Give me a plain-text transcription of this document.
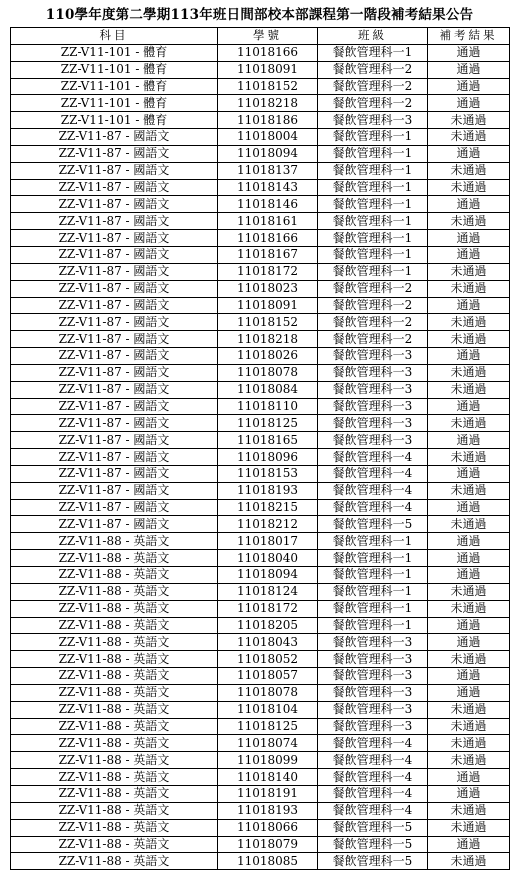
110學年度第二學期113年班日間部校本部課程第一階段補考結果公告
科目	學號	班級	補考結果
ZZ-V11-101 - 體育	11018166	餐飲管理科一1	通過
ZZ-V11-101 - 體育	11018091	餐飲管理科一2	通過
ZZ-V11-101 - 體育	11018152	餐飲管理科一2	通過
ZZ-V11-101 - 體育	11018218	餐飲管理科一2	通過
ZZ-V11-101 - 體育	11018186	餐飲管理科一3	未通過
ZZ-V11-87 - 國語文	11018004	餐飲管理科一1	未通過
ZZ-V11-87 - 國語文	11018094	餐飲管理科一1	通過
ZZ-V11-87 - 國語文	11018137	餐飲管理科一1	未通過
ZZ-V11-87 - 國語文	11018143	餐飲管理科一1	未通過
ZZ-V11-87 - 國語文	11018146	餐飲管理科一1	通過
ZZ-V11-87 - 國語文	11018161	餐飲管理科一1	未通過
ZZ-V11-87 - 國語文	11018166	餐飲管理科一1	通過
ZZ-V11-87 - 國語文	11018167	餐飲管理科一1	通過
ZZ-V11-87 - 國語文	11018172	餐飲管理科一1	未通過
ZZ-V11-87 - 國語文	11018023	餐飲管理科一2	未通過
ZZ-V11-87 - 國語文	11018091	餐飲管理科一2	通過
ZZ-V11-87 - 國語文	11018152	餐飲管理科一2	未通過
ZZ-V11-87 - 國語文	11018218	餐飲管理科一2	未通過
ZZ-V11-87 - 國語文	11018026	餐飲管理科一3	通過
ZZ-V11-87 - 國語文	11018078	餐飲管理科一3	未通過
ZZ-V11-87 - 國語文	11018084	餐飲管理科一3	未通過
ZZ-V11-87 - 國語文	11018110	餐飲管理科一3	通過
ZZ-V11-87 - 國語文	11018125	餐飲管理科一3	未通過
ZZ-V11-87 - 國語文	11018165	餐飲管理科一3	通過
ZZ-V11-87 - 國語文	11018096	餐飲管理科一4	未通過
ZZ-V11-87 - 國語文	11018153	餐飲管理科一4	通過
ZZ-V11-87 - 國語文	11018193	餐飲管理科一4	未通過
ZZ-V11-87 - 國語文	11018215	餐飲管理科一4	通過
ZZ-V11-87 - 國語文	11018212	餐飲管理科一5	未通過
ZZ-V11-88 - 英語文	11018017	餐飲管理科一1	通過
ZZ-V11-88 - 英語文	11018040	餐飲管理科一1	通過
ZZ-V11-88 - 英語文	11018094	餐飲管理科一1	通過
ZZ-V11-88 - 英語文	11018124	餐飲管理科一1	未通過
ZZ-V11-88 - 英語文	11018172	餐飲管理科一1	未通過
ZZ-V11-88 - 英語文	11018205	餐飲管理科一1	通過
ZZ-V11-88 - 英語文	11018043	餐飲管理科一3	通過
ZZ-V11-88 - 英語文	11018052	餐飲管理科一3	未通過
ZZ-V11-88 - 英語文	11018057	餐飲管理科一3	通過
ZZ-V11-88 - 英語文	11018078	餐飲管理科一3	通過
ZZ-V11-88 - 英語文	11018104	餐飲管理科一3	未通過
ZZ-V11-88 - 英語文	11018125	餐飲管理科一3	未通過
ZZ-V11-88 - 英語文	11018074	餐飲管理科一4	未通過
ZZ-V11-88 - 英語文	11018099	餐飲管理科一4	未通過
ZZ-V11-88 - 英語文	11018140	餐飲管理科一4	通過
ZZ-V11-88 - 英語文	11018191	餐飲管理科一4	通過
ZZ-V11-88 - 英語文	11018193	餐飲管理科一4	未通過
ZZ-V11-88 - 英語文	11018066	餐飲管理科一5	未通過
ZZ-V11-88 - 英語文	11018079	餐飲管理科一5	通過
ZZ-V11-88 - 英語文	11018085	餐飲管理科一5	未通過
